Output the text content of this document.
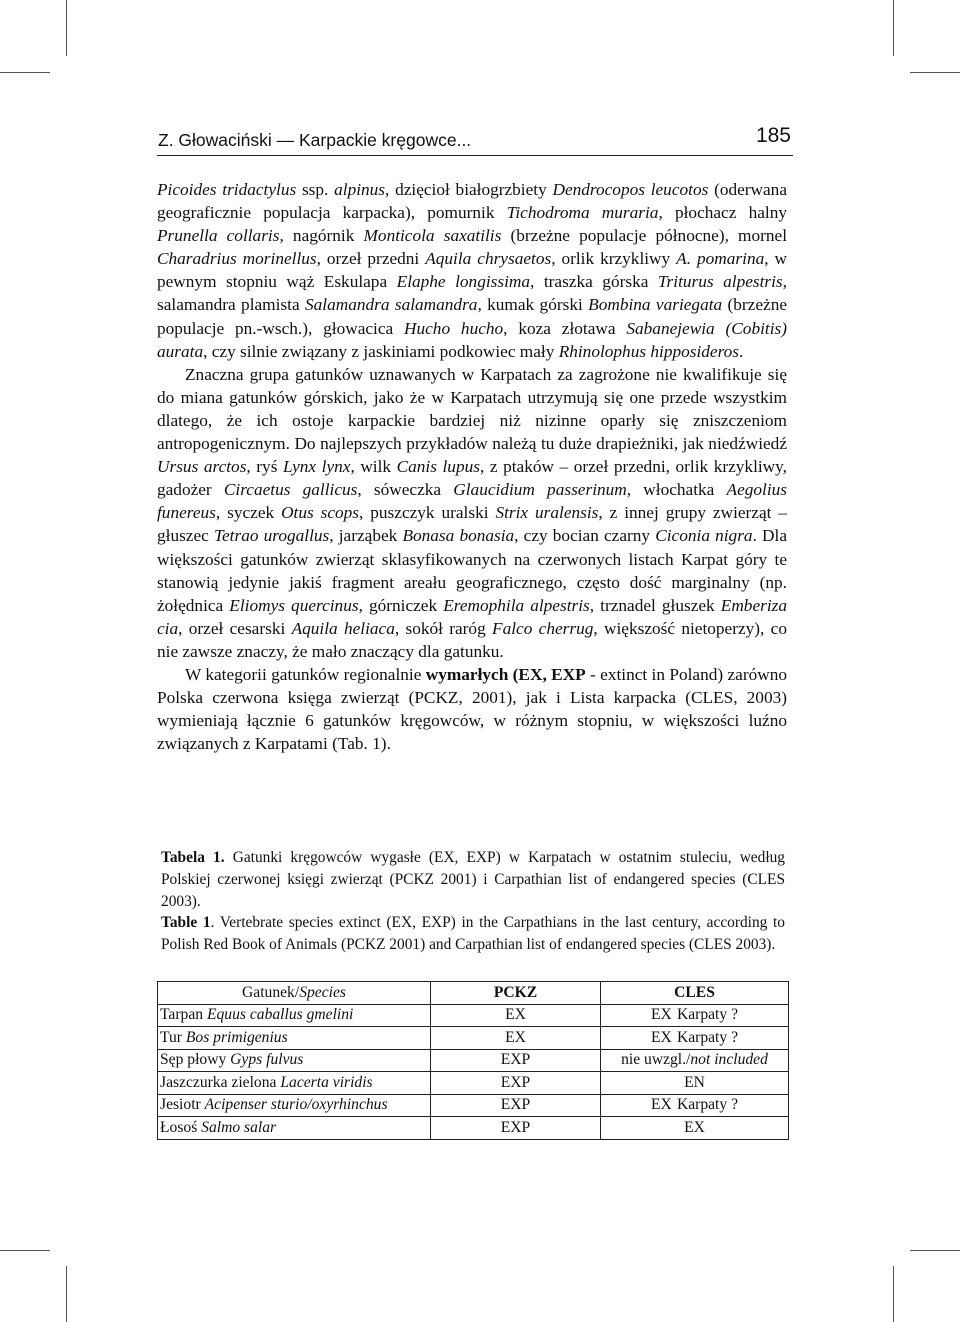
Z. Głowaciński — Karpackie kręgowce...	185

Picoides tridactylus ssp. alpinus, dzięcioł białogrzbiety Dendrocopos leucotos (oderwana geograficznie populacja karpacka), pomurnik Tichodroma muraria, płochacz halny Prunella collaris, nagórnik Monticola saxatilis (brzeżne populacje północne), mornel Charadrius morinellus, orzeł przedni Aquila chrysaetos, orlik krzykliwy A. pomarina, w pewnym stopniu wąż Eskulapa Elaphe longissima, traszka górska Triturus alpestris, salamandra plamista Salamandra salamandra, kumak górski Bombina variegata (brzeżne populacje pn.-wsch.), głowacica Hucho hucho, koza złotawa Sabanejewia (Cobitis) aurata, czy silnie związany z jaskiniami podkowiec mały Rhinolophus hipposideros.

Znaczna grupa gatunków uznawanych w Karpatach za zagrożone nie kwalifikuje się do miana gatunków górskich, jako że w Karpatach utrzymują się one przede wszystkim dlatego, że ich ostoje karpackie bardziej niż nizinne oparły się zniszczeniom antropogenicznym. Do najlepszych przykładów należą tu duże drapieżniki, jak niedźwiedź Ursus arctos, ryś Lynx lynx, wilk Canis lupus, z ptaków – orzeł przedni, orlik krzykliwy, gadożer Circaetus gallicus, sóweczka Glaucidium passerinum, włochatka Aegolius funereus, syczek Otus scops, puszczyk uralski Strix uralensis, z innej grupy zwierząt – głuszec Tetrao urogallus, jarząbek Bonasa bonasia, czy bocian czarny Ciconia nigra. Dla większości gatunków zwierząt sklasyfikowanych na czerwonych listach Karpat góry te stanowią jedynie jakiś fragment areału geograficznego, często dość marginalny (np. żołędnica Eliomys quercinus, górniczek Eremophila alpestris, trznadel głuszek Emberiza cia, orzeł cesarski Aquila heliaca, sokół raróg Falco cherrug, większość nietoperzy), co nie zawsze znaczy, że mało znaczący dla gatunku.

W kategorii gatunków regionalnie wymarłych (EX, EXP - extinct in Poland) zarówno Polska czerwona księga zwierząt (PCKZ, 2001), jak i Lista karpacka (CLES, 2003) wymieniają łącznie 6 gatunków kręgowców, w różnym stopniu, w większości luźno związanych z Karpatami (Tab. 1).

Tabela 1. Gatunki kręgowców wygasłe (EX, EXP) w Karpatach w ostatnim stuleciu, według Polskiej czerwonej księgi zwierząt (PCKZ 2001) i Carpathian list of endangered species (CLES 2003).

Table 1. Vertebrate species extinct (EX, EXP) in the Carpathians in the last century, according to Polish Red Book of Animals (PCKZ 2001) and Carpathian list of endangered species (CLES 2003).

Gatunek/Species	PCKZ	CLES
Tarpan Equus caballus gmelini	EX	EX Karpaty ?
Tur Bos primigenius	EX	EX Karpaty ?
Sęp płowy Gyps fulvus	EXP	nie uwzgl./not included
Jaszczurka zielona Lacerta viridis	EXP	EN
Jesiotr Acipenser sturio/oxyrhinchus	EXP	EX Karpaty ?
Łosoś Salmo salar	EXP	EX
